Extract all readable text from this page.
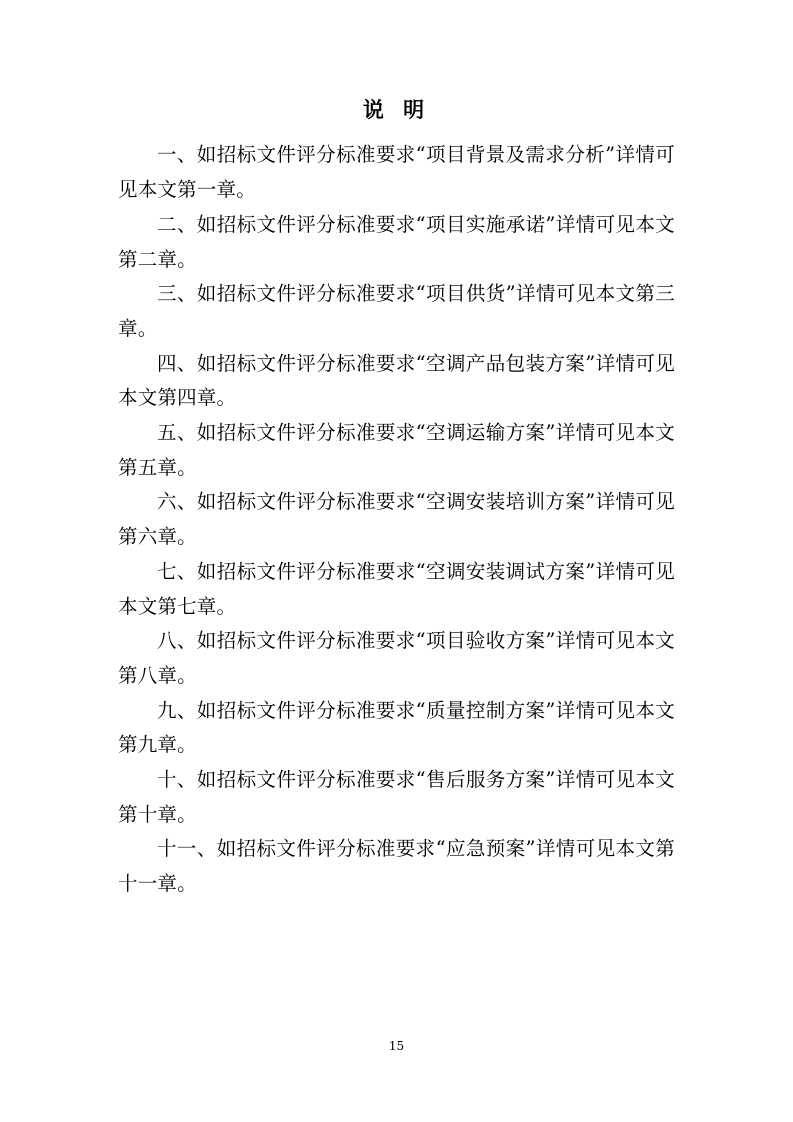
说 明

一、如招标文件评分标准要求“项目背景及需求分析”详情可见本文第一章。

二、如招标文件评分标准要求“项目实施承诺”详情可见本文第二章。

三、如招标文件评分标准要求“项目供货”详情可见本文第三章。

四、如招标文件评分标准要求“空调产品包装方案”详情可见本文第四章。

五、如招标文件评分标准要求“空调运输方案”详情可见本文第五章。

六、如招标文件评分标准要求“空调安装培训方案”详情可见第六章。

七、如招标文件评分标准要求“空调安装调试方案”详情可见本文第七章。

八、如招标文件评分标准要求“项目验收方案”详情可见本文第八章。

九、如招标文件评分标准要求“质量控制方案”详情可见本文第九章。

十、如招标文件评分标准要求“售后服务方案”详情可见本文第十章。

十一、如招标文件评分标准要求“应急预案”详情可见本文第十一章。

15
